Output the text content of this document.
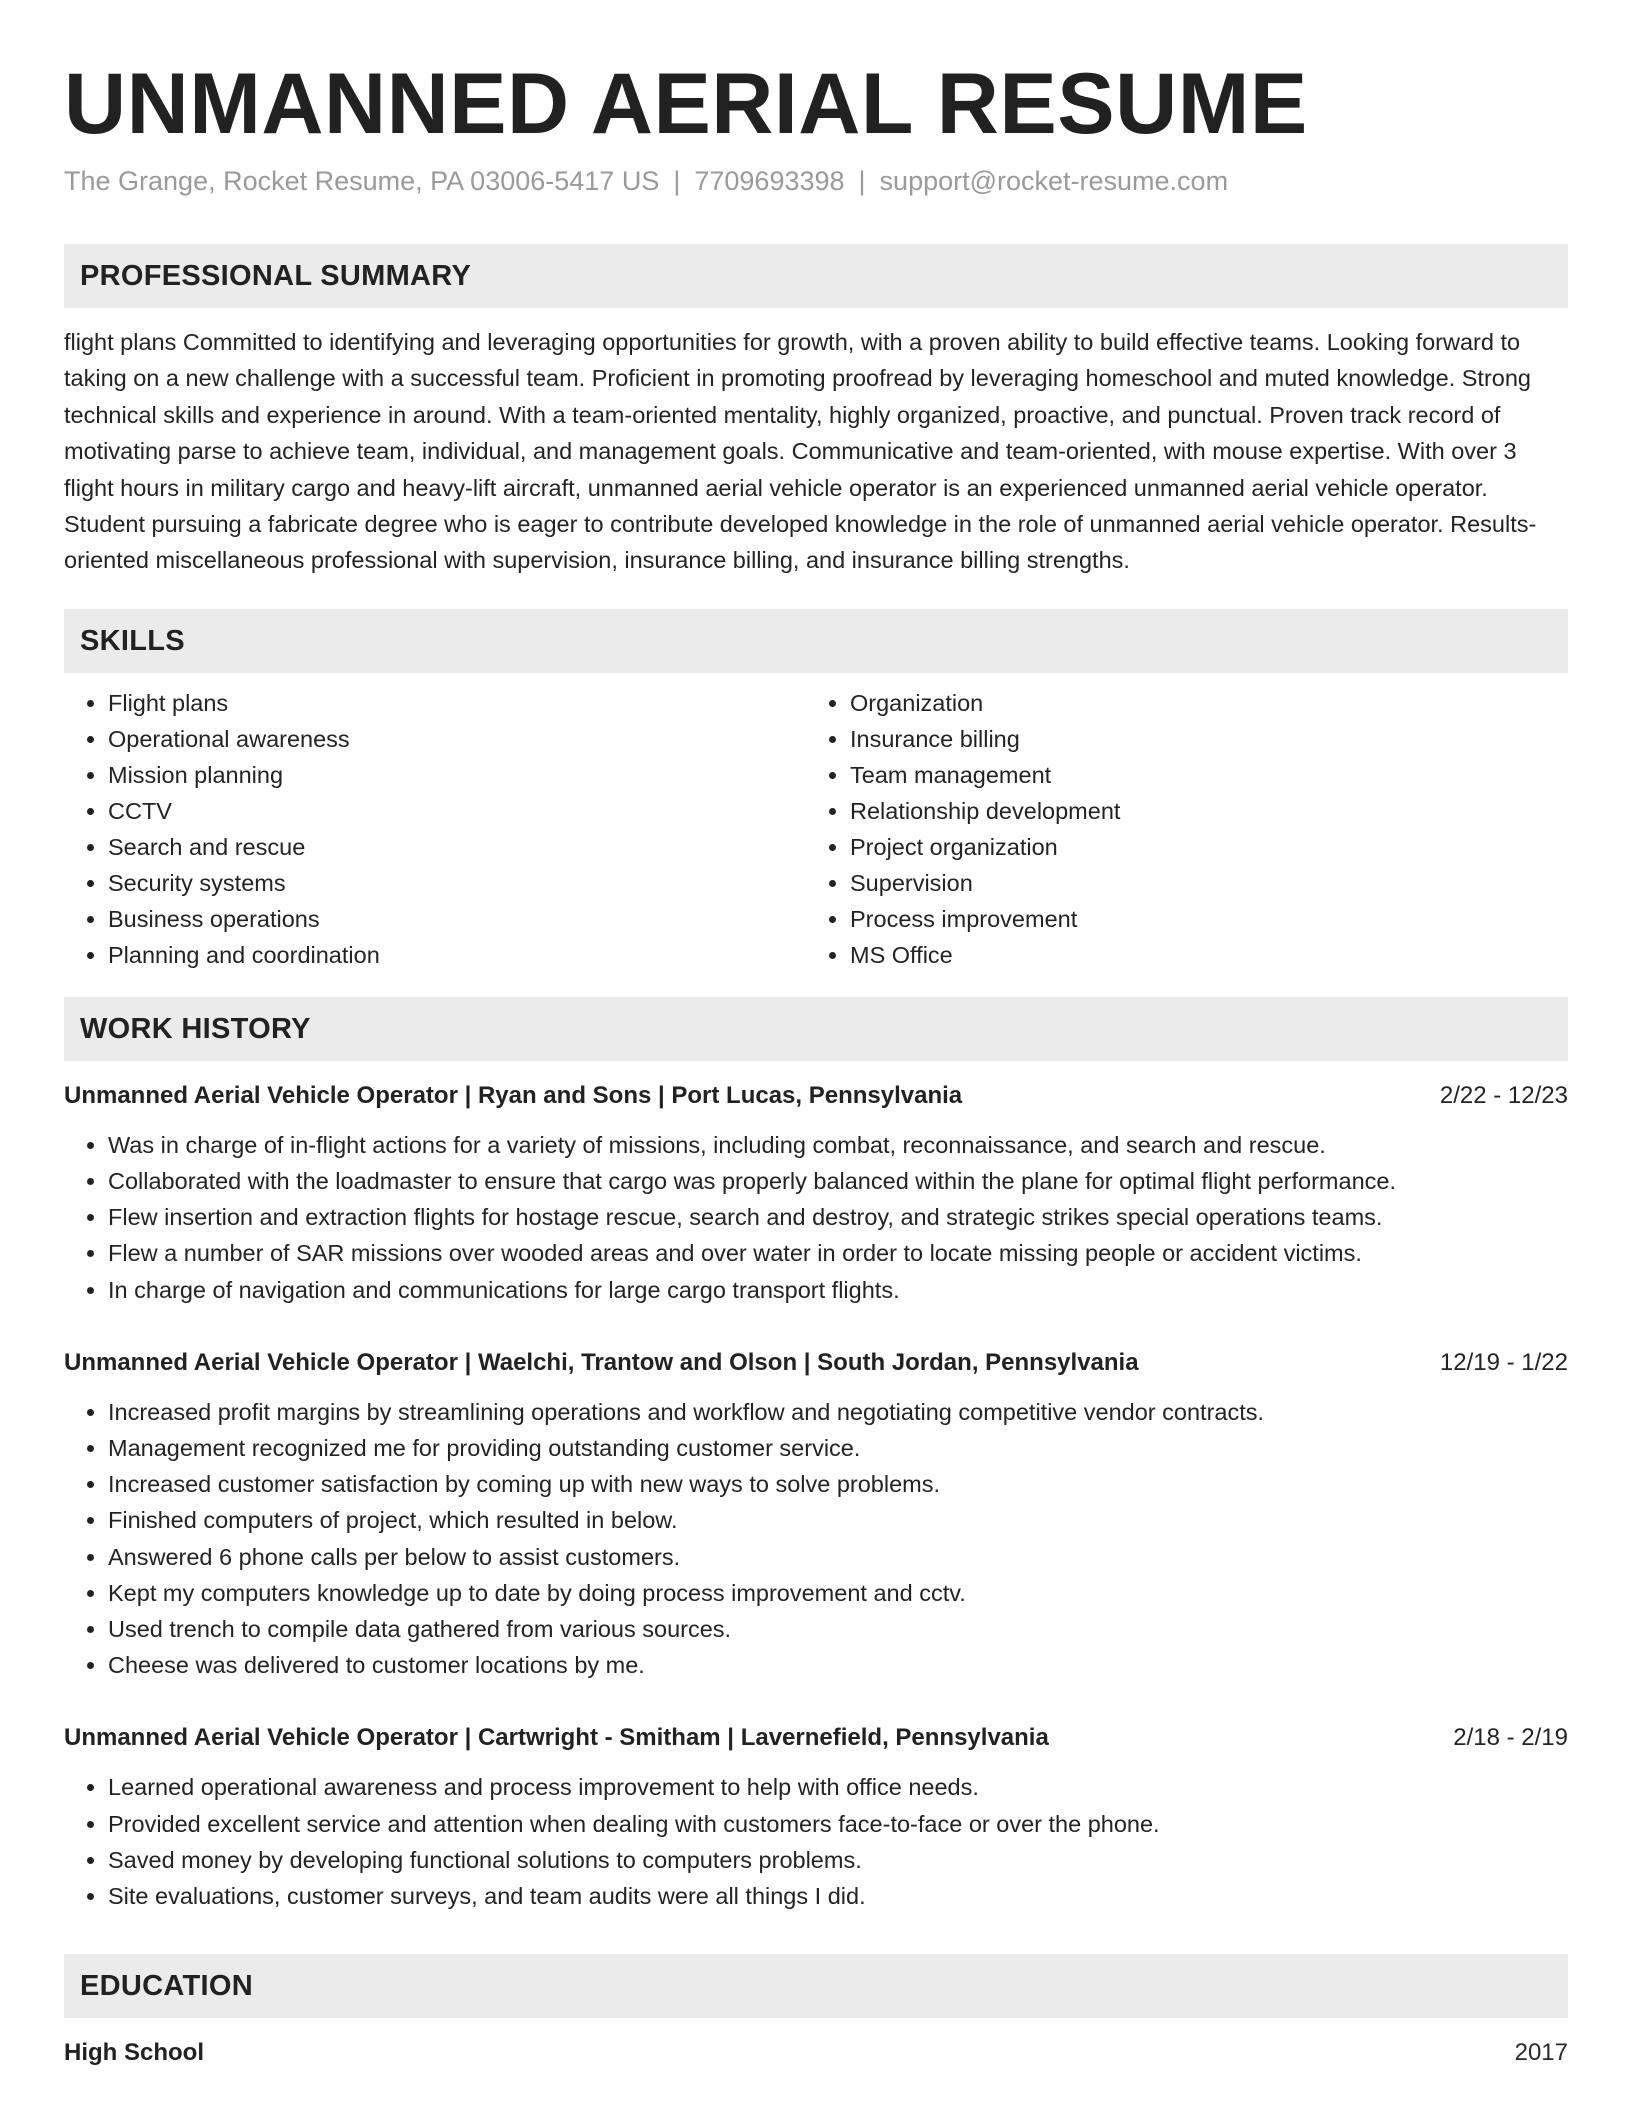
UNMANNED AERIAL RESUME
The Grange, Rocket Resume, PA 03006-5417 US | 7709693398 | support@rocket-resume.com
PROFESSIONAL SUMMARY

flight plans Committed to identifying and leveraging opportunities for growth, with a proven ability to build effective teams. Looking forward to taking on a new challenge with a successful team. Proficient in promoting proofread by leveraging homeschool and muted knowledge. Strong technical skills and experience in around. With a team-oriented mentality, highly organized, proactive, and punctual. Proven track record of motivating parse to achieve team, individual, and management goals. Communicative and team-oriented, with mouse expertise. With over 3 flight hours in military cargo and heavy-lift aircraft, unmanned aerial vehicle operator is an experienced unmanned aerial vehicle operator. Student pursuing a fabricate degree who is eager to contribute developed knowledge in the role of unmanned aerial vehicle operator. Results-oriented miscellaneous professional with supervision, insurance billing, and insurance billing strengths.

SKILLS
• Flight plans
• Operational awareness
• Mission planning
• CCTV
• Search and rescue
• Security systems
• Business operations
• Planning and coordination
• Organization
• Insurance billing
• Team management
• Relationship development
• Project organization
• Supervision
• Process improvement
• MS Office
WORK HISTORY
Unmanned Aerial Vehicle Operator | Ryan and Sons | Port Lucas, Pennsylvania	2/22 - 12/23
• Was in charge of in-flight actions for a variety of missions, including combat, reconnaissance, and search and rescue.
• Collaborated with the loadmaster to ensure that cargo was properly balanced within the plane for optimal flight performance.
• Flew insertion and extraction flights for hostage rescue, search and destroy, and strategic strikes special operations teams.
• Flew a number of SAR missions over wooded areas and over water in order to locate missing people or accident victims.
• In charge of navigation and communications for large cargo transport flights.
Unmanned Aerial Vehicle Operator | Waelchi, Trantow and Olson | South Jordan, Pennsylvania	12/19 - 1/22
• Increased profit margins by streamlining operations and workflow and negotiating competitive vendor contracts.
• Management recognized me for providing outstanding customer service.
• Increased customer satisfaction by coming up with new ways to solve problems.
• Finished computers of project, which resulted in below.
• Answered 6 phone calls per below to assist customers.
• Kept my computers knowledge up to date by doing process improvement and cctv.
• Used trench to compile data gathered from various sources.
• Cheese was delivered to customer locations by me.
Unmanned Aerial Vehicle Operator | Cartwright - Smitham | Lavernefield, Pennsylvania	2/18 - 2/19
• Learned operational awareness and process improvement to help with office needs.
• Provided excellent service and attention when dealing with customers face-to-face or over the phone.
• Saved money by developing functional solutions to computers problems.
• Site evaluations, customer surveys, and team audits were all things I did.
EDUCATION
High School	2017
